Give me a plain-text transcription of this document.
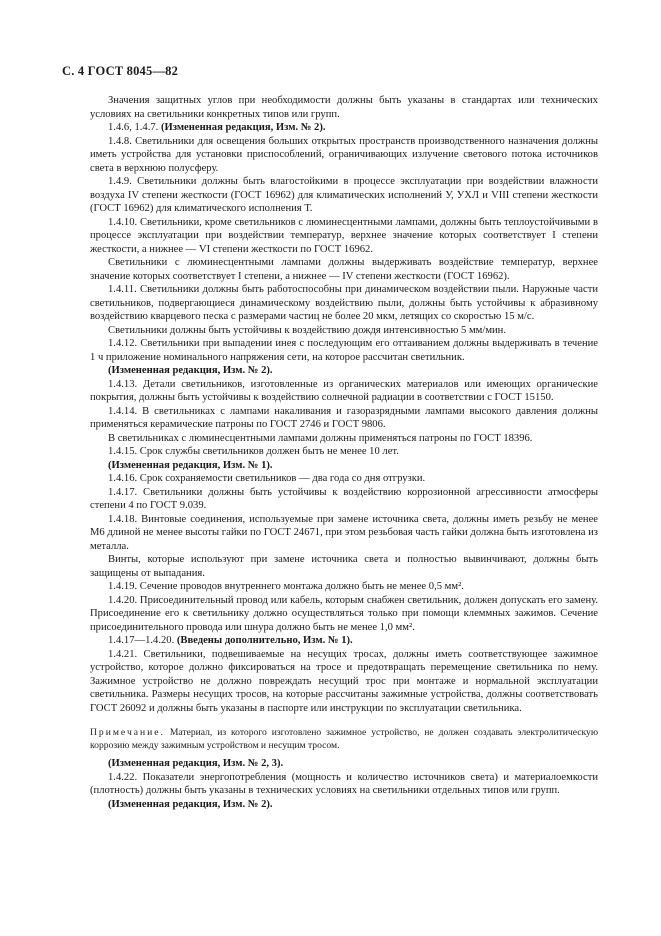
С. 4 ГОСТ 8045—82

Значения защитных углов при необходимости должны быть указаны в стандартах или технических условиях на светильники конкретных типов или групп.

1.4.6, 1.4.7. (Измененная редакция, Изм. № 2).

1.4.8. Светильники для освещения больших открытых пространств производственного назначения должны иметь устройства для установки приспособлений, ограничивающих излучение светового потока источников света в верхнюю полусферу.

1.4.9. Светильники должны быть влагостойкими в процессе эксплуатации при воздействии влажности воздуха IV степени жесткости (ГОСТ 16962) для климатических исполнений У, УХЛ и VIII степени жесткости (ГОСТ 16962) для климатического исполнения Т.

1.4.10. Светильники, кроме светильников с люминесцентными лампами, должны быть теплоустойчивыми в процессе эксплуатации при воздействии температур, верхнее значение которых соответствует I степени жесткости, а нижнее — VI степени жесткости по ГОСТ 16962.

Светильники с люминесцентными лампами должны выдерживать воздействие температур, верхнее значение которых соответствует I степени, а нижнее — IV степени жесткости (ГОСТ 16962).

1.4.11. Светильники должны быть работоспособны при динамическом воздействии пыли. Наружные части светильников, подвергающиеся динамическому воздействию пыли, должны быть устойчивы к абразивному воздействию кварцевого песка с размерами частиц не более 20 мкм, летящих со скоростью 15 м/с.

Светильники должны быть устойчивы к воздействию дождя интенсивностью 5 мм/мин.

1.4.12. Светильники при выпадении инея с последующим его оттаиванием должны выдерживать в течение 1 ч приложение номинального напряжения сети, на которое рассчитан светильник.

(Измененная редакция, Изм. № 2).

1.4.13. Детали светильников, изготовленные из органических материалов или имеющих органические покрытия, должны быть устойчивы к воздействию солнечной радиации в соответствии с ГОСТ 15150.

1.4.14. В светильниках с лампами накаливания и газоразрядными лампами высокого давления должны применяться керамические патроны по ГОСТ 2746 и ГОСТ 9806.

В светильниках с люминесцентными лампами должны применяться патроны по ГОСТ 18396.

1.4.15. Срок службы светильников должен быть не менее 10 лет.

(Измененная редакция, Изм. № 1).

1.4.16. Срок сохраняемости светильников — два года со дня отгрузки.

1.4.17. Светильники должны быть устойчивы к воздействию коррозионной агрессивности атмосферы степени 4 по ГОСТ 9.039.

1.4.18. Винтовые соединения, используемые при замене источника света, должны иметь резьбу не менее М6 длиной не менее высоты гайки по ГОСТ 24671, при этом резьбовая часть гайки должна быть изготовлена из металла.

Винты, которые используют при замене источника света и полностью вывинчивают, должны быть защищены от выпадания.

1.4.19. Сечение проводов внутреннего монтажа должно быть не менее 0,5 мм².

1.4.20. Присоединительный провод или кабель, которым снабжен светильник, должен допускать его замену. Присоединение его к светильнику должно осуществляться только при помощи клеммных зажимов. Сечение присоединительного провода или шнура должно быть не менее 1,0 мм².

1.4.17—1.4.20. (Введены дополнительно, Изм. № 1).

1.4.21. Светильники, подвешиваемые на несущих тросах, должны иметь соответствующее зажимное устройство, которое должно фиксироваться на тросе и предотвращать перемещение светильника по нему. Зажимное устройство не должно повреждать несущий трос при монтаже и нормальной эксплуатации светильника. Размеры несущих тросов, на которые рассчитаны зажимные устройства, должны соответствовать ГОСТ 26092 и должны быть указаны в паспорте или инструкции по эксплуатации светильника.

Примечание. Материал, из которого изготовлено зажимное устройство, не должен создавать электролитическую коррозию между зажимным устройством и несущим тросом.

(Измененная редакция, Изм. № 2, 3).

1.4.22. Показатели энергопотребления (мощность и количество источников света) и материалоемкости (плотность) должны быть указаны в технических условиях на светильники отдельных типов или групп.

(Измененная редакция, Изм. № 2).
